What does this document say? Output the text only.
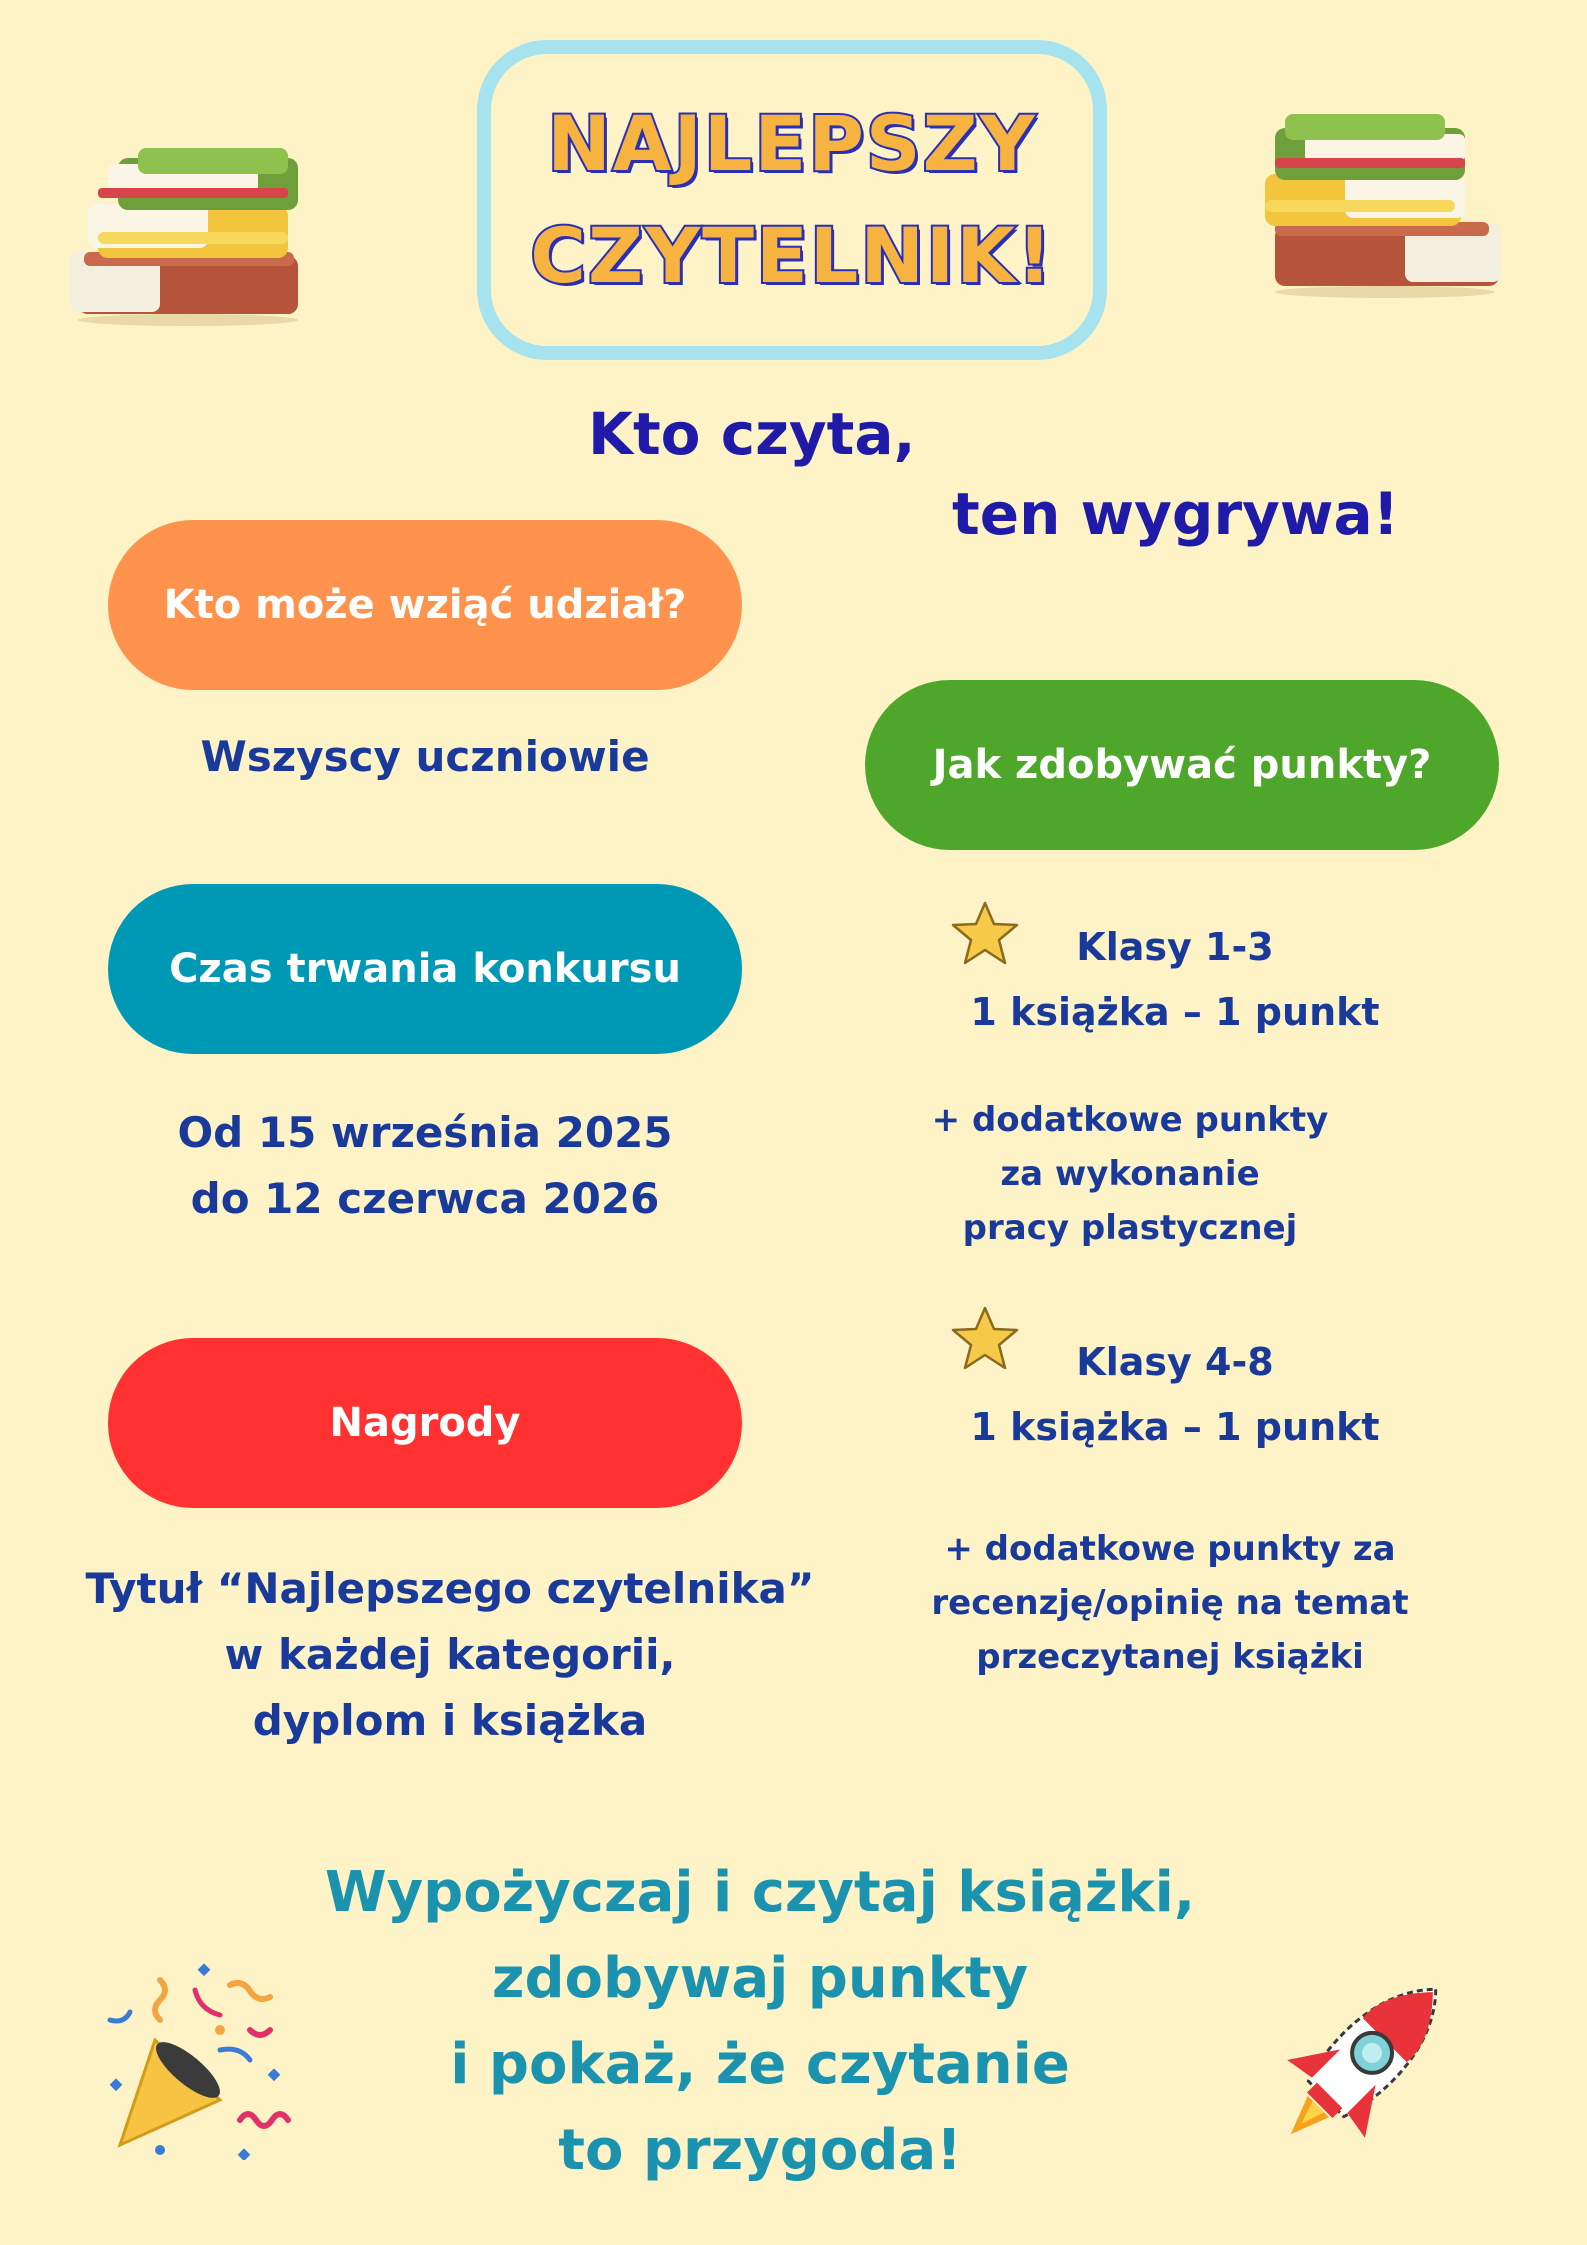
NAJLEPSZY
CZYTELNIK!
Kto czyta,
ten wygrywa!
Kto może wziąć udział?
Wszyscy uczniowie
Czas trwania konkursu
Od 15 września 2025
do 12 czerwca 2026
Nagrody
Tytuł “Najlepszego czytelnika”
w każdej kategorii,
dyplom i książka
Jak zdobywać punkty?
Klasy 1-3
1 książka – 1 punkt
+ dodatkowe punkty
za wykonanie
pracy plastycznej
Klasy 4-8
1 książka – 1 punkt
+ dodatkowe punkty za
recenzję/opinię na temat
przeczytanej książki
Wypożyczaj i czytaj książki,
zdobywaj punkty
i pokaż, że czytanie
to przygoda!
